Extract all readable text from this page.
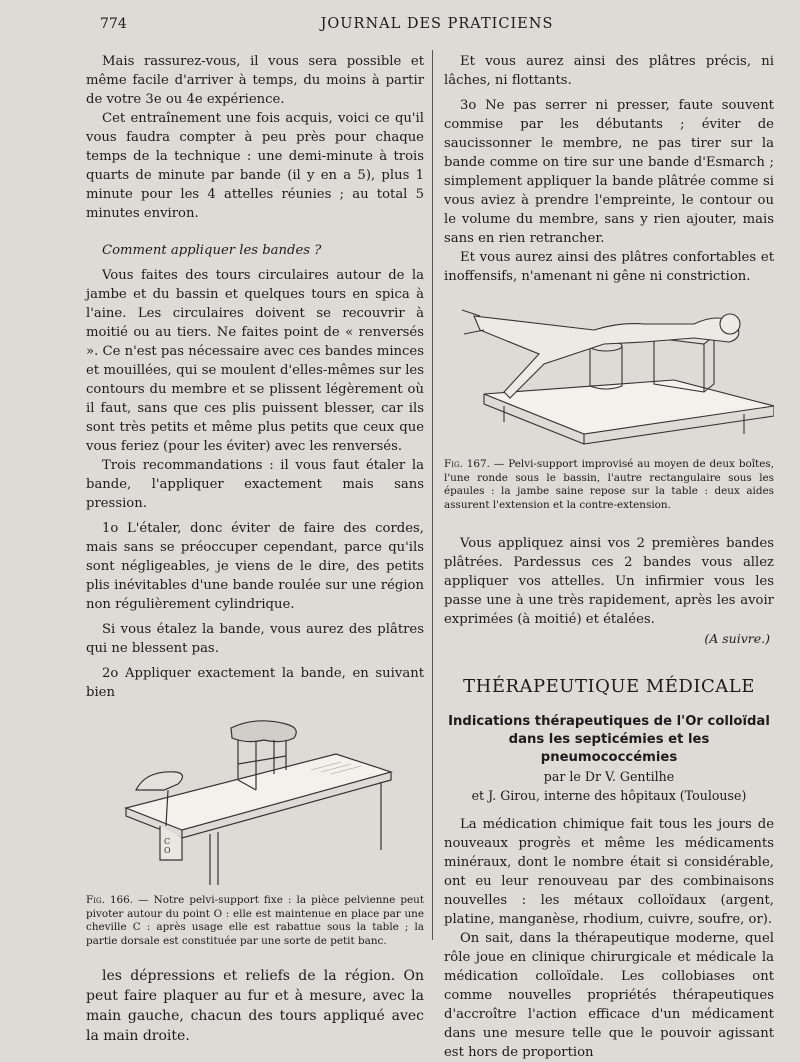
774	JOURNAL DES PRATICIENS

Mais rassurez-vous, il vous sera possible et même facile d'arriver à temps, du moins à partir de votre 3e ou 4e expérience.

Cet entraînement une fois acquis, voici ce qu'il vous faudra compter à peu près pour chaque temps de la technique : une demi-minute à trois quarts de minute par bande (il y en a 5), plus 1 minute pour les 4 attelles réunies ; au total 5 minutes environ.

Comment appliquer les bandes ?

Vous faites des tours circulaires autour de la jambe et du bassin et quelques tours en spica à l'aine. Les circulaires doivent se recouvrir à moitié ou au tiers. Ne faites point de « renversés ». Ce n'est pas nécessaire avec ces bandes minces et mouillées, qui se moulent d'elles-mêmes sur les contours du membre et se plissent légèrement où il faut, sans que ces plis puissent blesser, car ils sont très petits et même plus petits que ceux que vous feriez (pour les éviter) avec les renversés.

Trois recommandations : il vous faut étaler la bande, l'appliquer exactement mais sans pression.

1o L'étaler, donc éviter de faire des cordes, mais sans se préoccuper cependant, parce qu'ils sont négligeables, je viens de le dire, des petits plis inévitables d'une bande roulée sur une région non régulièrement cylindrique.

Si vous étalez la bande, vous aurez des plâtres qui ne blessent pas.

2o Appliquer exactement la bande, en suivant bien

C
O

Fig. 166. — Notre pelvi-support fixe : la pièce pelvienne peut pivoter autour du point O : elle est maintenue en place par une cheville C : après usage elle est rabattue sous la table ; la partie dorsale est constituée par une sorte de petit banc.

les dépressions et reliefs de la région. On peut faire plaquer au fur et à mesure, avec la main gauche, chacun des tours appliqué avec la main droite.

Et vous aurez ainsi des plâtres précis, ni lâches, ni flottants.

3o Ne pas serrer ni presser, faute souvent commise par les débutants ; éviter de saucissonner le membre, ne pas tirer sur la bande comme on tire sur une bande d'Esmarch ; simplement appliquer la bande plâtrée comme si vous aviez à prendre l'empreinte, le contour ou le volume du membre, sans y rien ajouter, mais sans en rien retrancher.

Et vous aurez ainsi des plâtres confortables et inoffensifs, n'amenant ni gêne ni constriction.

Fig. 167. — Pelvi-support improvisé au moyen de deux boîtes, l'une ronde sous le bassin, l'autre rectangulaire sous les épaules : la jambe saine repose sur la table : deux aides assurent l'extension et la contre-extension.

Vous appliquez ainsi vos 2 premières bandes plâtrées. Pardessus ces 2 bandes vous allez appliquer vos attelles. Un infirmier vous les passe une à une très rapidement, après les avoir exprimées (à moitié) et étalées.

(A suivre.)

THÉRAPEUTIQUE MÉDICALE
Indications thérapeutiques de l'Or colloïdal
dans les septicémies et les pneumococcémies
par le Dr V. Gentilhe
et J. Girou, interne des hôpitaux (Toulouse)

La médication chimique fait tous les jours de nouveaux progrès et même les médicaments minéraux, dont le nombre était si considérable, ont eu leur renouveau par des combinaisons nouvelles : les métaux colloïdaux (argent, platine, manganèse, rhodium, cuivre, soufre, or).

On sait, dans la thérapeutique moderne, quel rôle joue en clinique chirurgicale et médicale la médication colloïdale. Les collobiases ont comme nouvelles propriétés thérapeutiques d'accroître l'action efficace d'un médicament dans une mesure telle que le pouvoir agissant est hors de proportion
